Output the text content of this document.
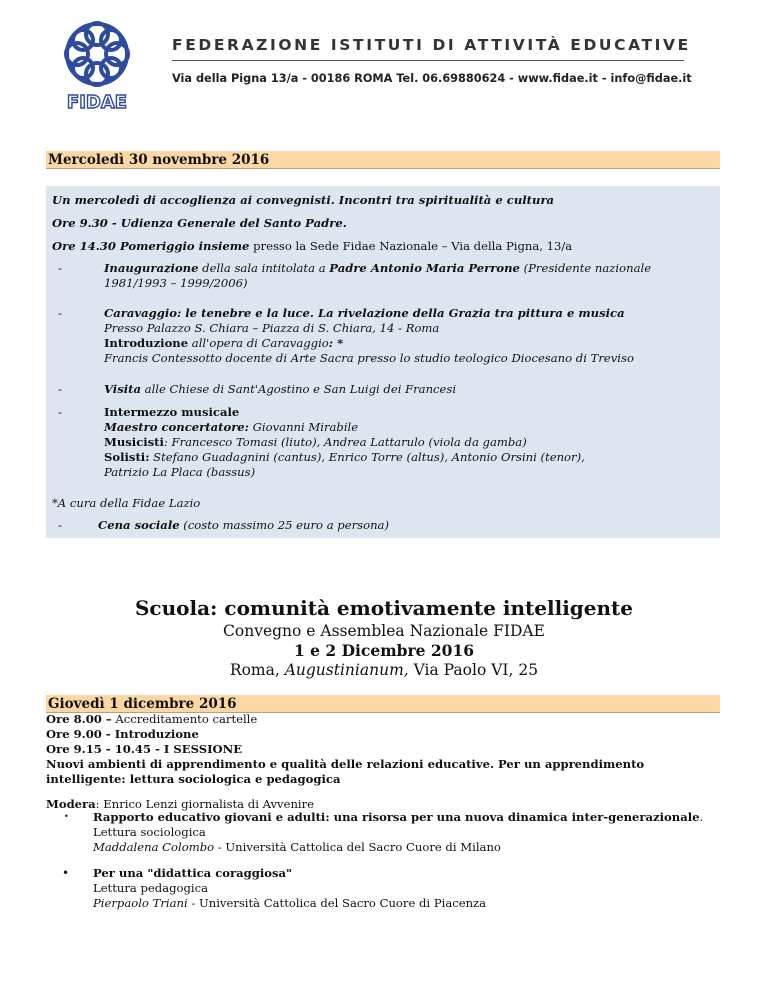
FIDAE
FEDERAZIONE ISTITUTI DI ATTIVITÀ EDUCATIVE
Via della Pigna 13/a - 00186 ROMA Tel. 06.69880624 - www.fidae.it - info@fidae.it
Mercoledì 30 novembre 2016
Un mercoledì di accoglienza ai convegnisti. Incontri tra spiritualità e cultura
Ore 9.30 - Udienza Generale del Santo Padre.
Ore 14.30 Pomeriggio insieme presso la Sede Fidae Nazionale – Via della Pigna, 13/a
-	Inaugurazione della sala intitolata a Padre Antonio Maria Perrone (Presidente nazionale
1981/1993 – 1999/2006)
-	Caravaggio: le tenebre e la luce. La rivelazione della Grazia tra pittura e musica
Presso Palazzo S. Chiara – Piazza di S. Chiara, 14 - Roma
Introduzione all'opera di Caravaggio: *
Francis Contessotto docente di Arte Sacra presso lo studio teologico Diocesano di Treviso
-	Visita alle Chiese di Sant'Agostino e San Luigi dei Francesi
-	Intermezzo musicale
Maestro concertatore: Giovanni Mirabile
Musicisti: Francesco Tomasi (liuto), Andrea Lattarulo (viola da gamba)
Solisti: Stefano Guadagnini (cantus), Enrico Torre (altus), Antonio Orsini (tenor),
Patrizio La Placa (bassus)
*A cura della Fidae Lazio
-	Cena sociale (costo massimo 25 euro a persona)
Scuola: comunità emotivamente intelligente
Convegno e Assemblea Nazionale FIDAE
1 e 2 Dicembre 2016
Roma, Augustinianum, Via Paolo VI, 25
Giovedì 1 dicembre 2016
Ore 8.00 – Accreditamento cartelle
Ore 9.00 - Introduzione
Ore 9.15 - 10.45 - I SESSIONE
Nuovi ambienti di apprendimento e qualità delle relazioni educative. Per un apprendimento
intelligente: lettura sociologica e pedagogica
Modera: Enrico Lenzi giornalista di Avvenire
• Rapporto educativo giovani e adulti: una risorsa per una nuova dinamica inter-generazionale.
Lettura sociologica
Maddalena Colombo - Università Cattolica del Sacro Cuore di Milano
• Per una "didattica coraggiosa"
Lettura pedagogica
Pierpaolo Triani - Università Cattolica del Sacro Cuore di Piacenza
